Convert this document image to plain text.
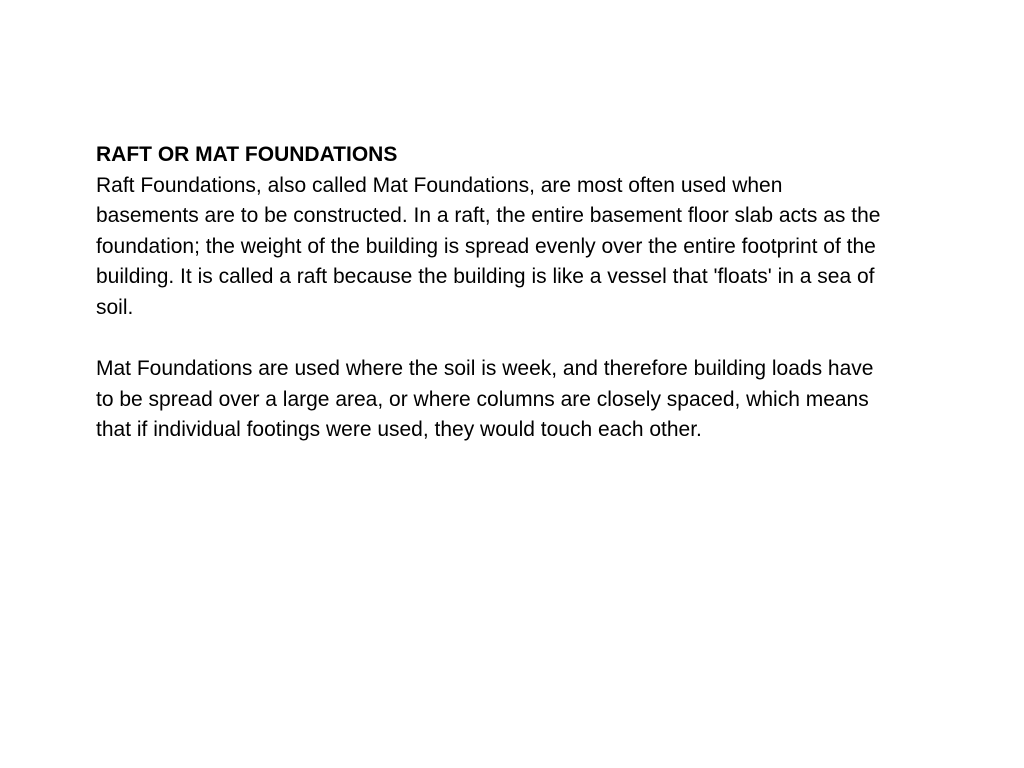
RAFT OR MAT FOUNDATIONS

Raft Foundations, also called Mat Foundations, are most often used when basements are to be constructed. In a raft, the entire basement floor slab acts as the foundation; the weight of the building is spread evenly over the entire footprint of the building. It is called a raft because the building is like a vessel that 'floats' in a sea of soil.

Mat Foundations are used where the soil is week, and therefore building loads have to be spread over a large area, or where columns are closely spaced, which means that if individual footings were used, they would touch each other.
